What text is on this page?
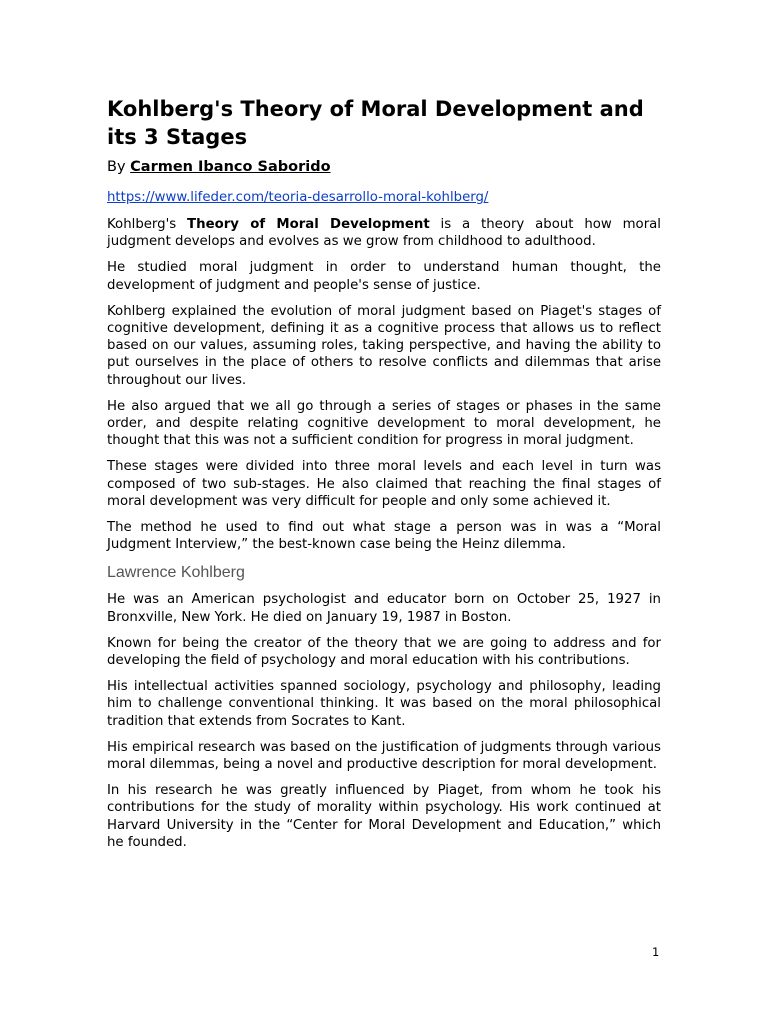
Kohlberg's Theory of Moral Development and its 3 Stages
By Carmen Ibanco Saborido
https://www.lifeder.com/teoria-desarrollo-moral-kohlberg/

Kohlberg's Theory of Moral Development is a theory about how moral judgment develops and evolves as we grow from childhood to adulthood.

He studied moral judgment in order to understand human thought, the development of judgment and people's sense of justice.

Kohlberg explained the evolution of moral judgment based on Piaget's stages of cognitive development, defining it as a cognitive process that allows us to reflect based on our values, assuming roles, taking perspective, and having the ability to put ourselves in the place of others to resolve conflicts and dilemmas that arise throughout our lives.

He also argued that we all go through a series of stages or phases in the same order, and despite relating cognitive development to moral development, he thought that this was not a sufficient condition for progress in moral judgment.

These stages were divided into three moral levels and each level in turn was composed of two sub-stages. He also claimed that reaching the final stages of moral development was very difficult for people and only some achieved it.

The method he used to find out what stage a person was in was a “Moral Judgment Interview,” the best-known case being the Heinz dilemma.

Lawrence Kohlberg

He was an American psychologist and educator born on October 25, 1927 in Bronxville, New York. He died on January 19, 1987 in Boston.

Known for being the creator of the theory that we are going to address and for developing the field of psychology and moral education with his contributions.

His intellectual activities spanned sociology, psychology and philosophy, leading him to challenge conventional thinking. It was based on the moral philosophical tradition that extends from Socrates to Kant.

His empirical research was based on the justification of judgments through various moral dilemmas, being a novel and productive description for moral development.

In his research he was greatly influenced by Piaget, from whom he took his contributions for the study of morality within psychology. His work continued at Harvard University in the “Center for Moral Development and Education,” which he founded.

1
